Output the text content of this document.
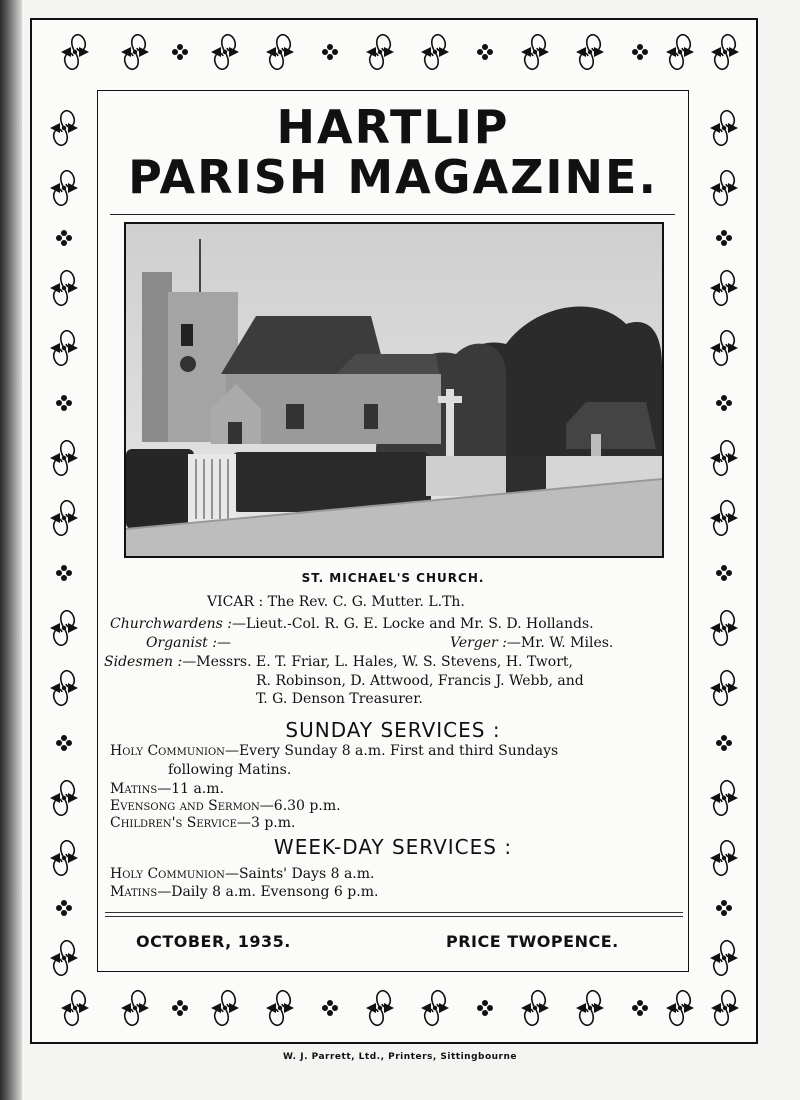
HARTLIP
PARISH MAGAZINE.
ST. MICHAEL'S CHURCH.
VICAR : The Rev. C. G. Mutter. L.Th.
Churchwardens :—Lieut.-Col. R. G. E. Locke and Mr. S. D. Hollands.
Organist :—	Verger :—Mr. W. Miles.
Sidesmen :—Messrs. E. T. Friar, L. Hales, W. S. Stevens, H. Twort,
R. Robinson, D. Attwood, Francis J. Webb, and
T. G. Denson Treasurer.
SUNDAY SERVICES :
Holy Communion—Every Sunday 8 a.m. First and third Sundays
following Matins.
Matins—11 a.m.
Evensong and Sermon—6.30 p.m.
Children's Service—3 p.m.
WEEK-DAY SERVICES :
Holy Communion—Saints' Days 8 a.m.
Matins—Daily 8 a.m. Evensong 6 p.m.
OCTOBER, 1935.	PRICE TWOPENCE.
W. J. Parrett, Ltd., Printers, Sittingbourne
